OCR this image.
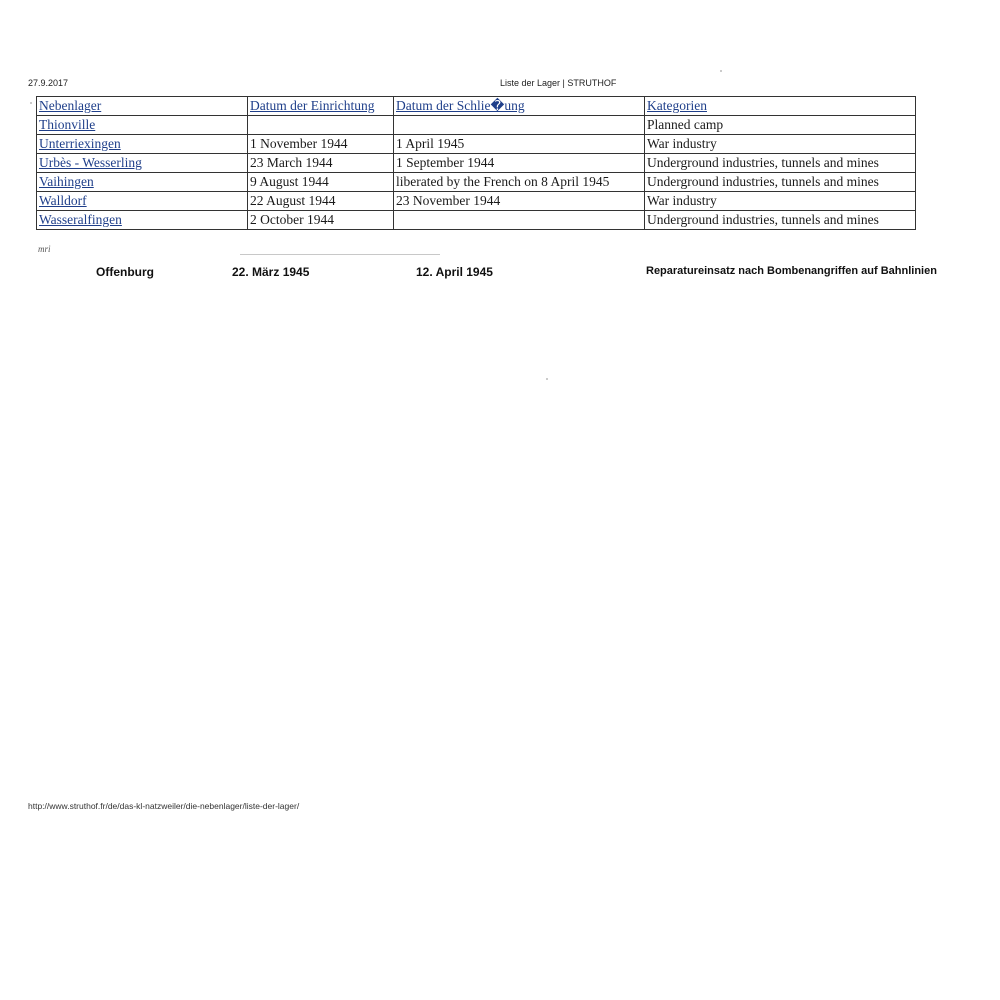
27.9.2017	Liste der Lager | STRUTHOF
Nebenlager	Datum der Einrichtung	Datum der Schlie�ung	Kategorien
Thionville			Planned camp
Unterriexingen	1 November 1944	1 April 1945	War industry
Urbès - Wesserling	23 March 1944	1 September 1944	Underground industries, tunnels and mines
Vaihingen	9 August 1944	liberated by the French on 8 April 1945	Underground industries, tunnels and mines
Walldorf	22 August 1944	23 November 1944	War industry
Wasseralfingen	2 October 1944		Underground industries, tunnels and mines
mri
Offenburg	22. März 1945	12. April 1945	Reparatureinsatz nach Bombenangriffen auf Bahnlinien
http://www.struthof.fr/de/das-kl-natzweiler/die-nebenlager/liste-der-lager/
